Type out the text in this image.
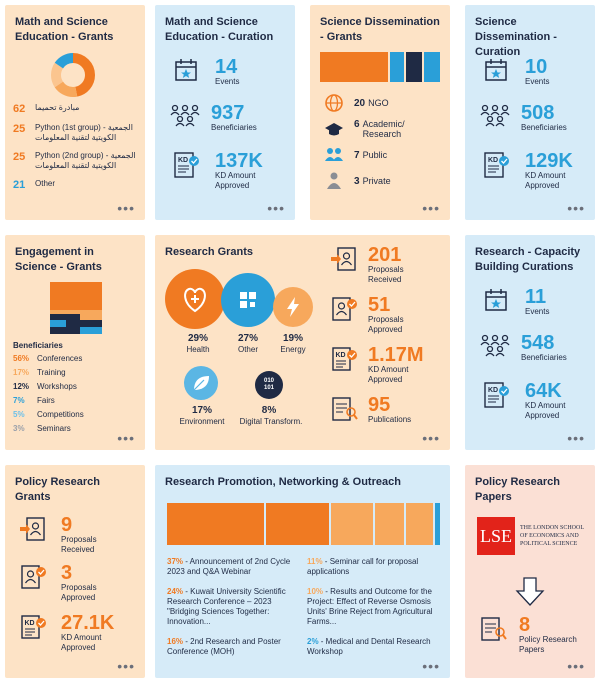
Math and Science Education - Grants
62	مبادرة تحميما
25	Python (1st group) - الجمعية الكويتية لتقنية المعلومات
25	Python (2nd group) - الجمعية الكويتية لتقنية المعلومات
21	Other
•••
Math and Science Education - Curation
14
Events
937
Beneficiaries
KD 137K
KD Amount Approved
•••
Science Dissemination - Grants
20 NGO
6 Academic/ Research
7 Public
3 Private
•••
Science Dissemination - Curation
10
Events
508
Beneficiaries
KD 129K
KD Amount Approved
•••
Engagement in Science - Grants
Beneficiaries
56% Conferences
17% Training
12% Workshops
7%	Fairs
5%	Competitions
3%	Seminars
•••
Research Grants
29%
Health
27%
Other
19%
Energy
010 101
17%
Environment
8%
Digital Transform.
201
Proposals Received
51
Proposals Approved
KD 1.17M
KD Amount Approved
95
Publications
•••
Research - Capacity Building Curations
11
Events
548
Beneficiaries
KD 64K
KD Amount Approved
•••
Policy Research Grants
9
Proposals Received
3
Proposals Approved
KD 27.1K
KD Amount Approved
•••
Research Promotion, Networking & Outreach
37% - Announcement of 2nd Cycle 2023 and Q&A Webinar
24% - Kuwait University Scientific Research Conference – 2023 "Bridging Sciences Together: Innovation...
16% - 2nd Research and Poster Conference (MOH)
11% - Seminar call for proposal applications
10% - Results and Outcome for the Project: Effect of Reverse Osmosis Units' Brine Reject from Agricultural Farms...
2% - Medical and Dental Research Workshop
•••
Policy Research Papers
LSE	THE LONDON SCHOOL OF ECONOMICS AND POLITICAL SCIENCE
8
Policy Research Papers
•••
